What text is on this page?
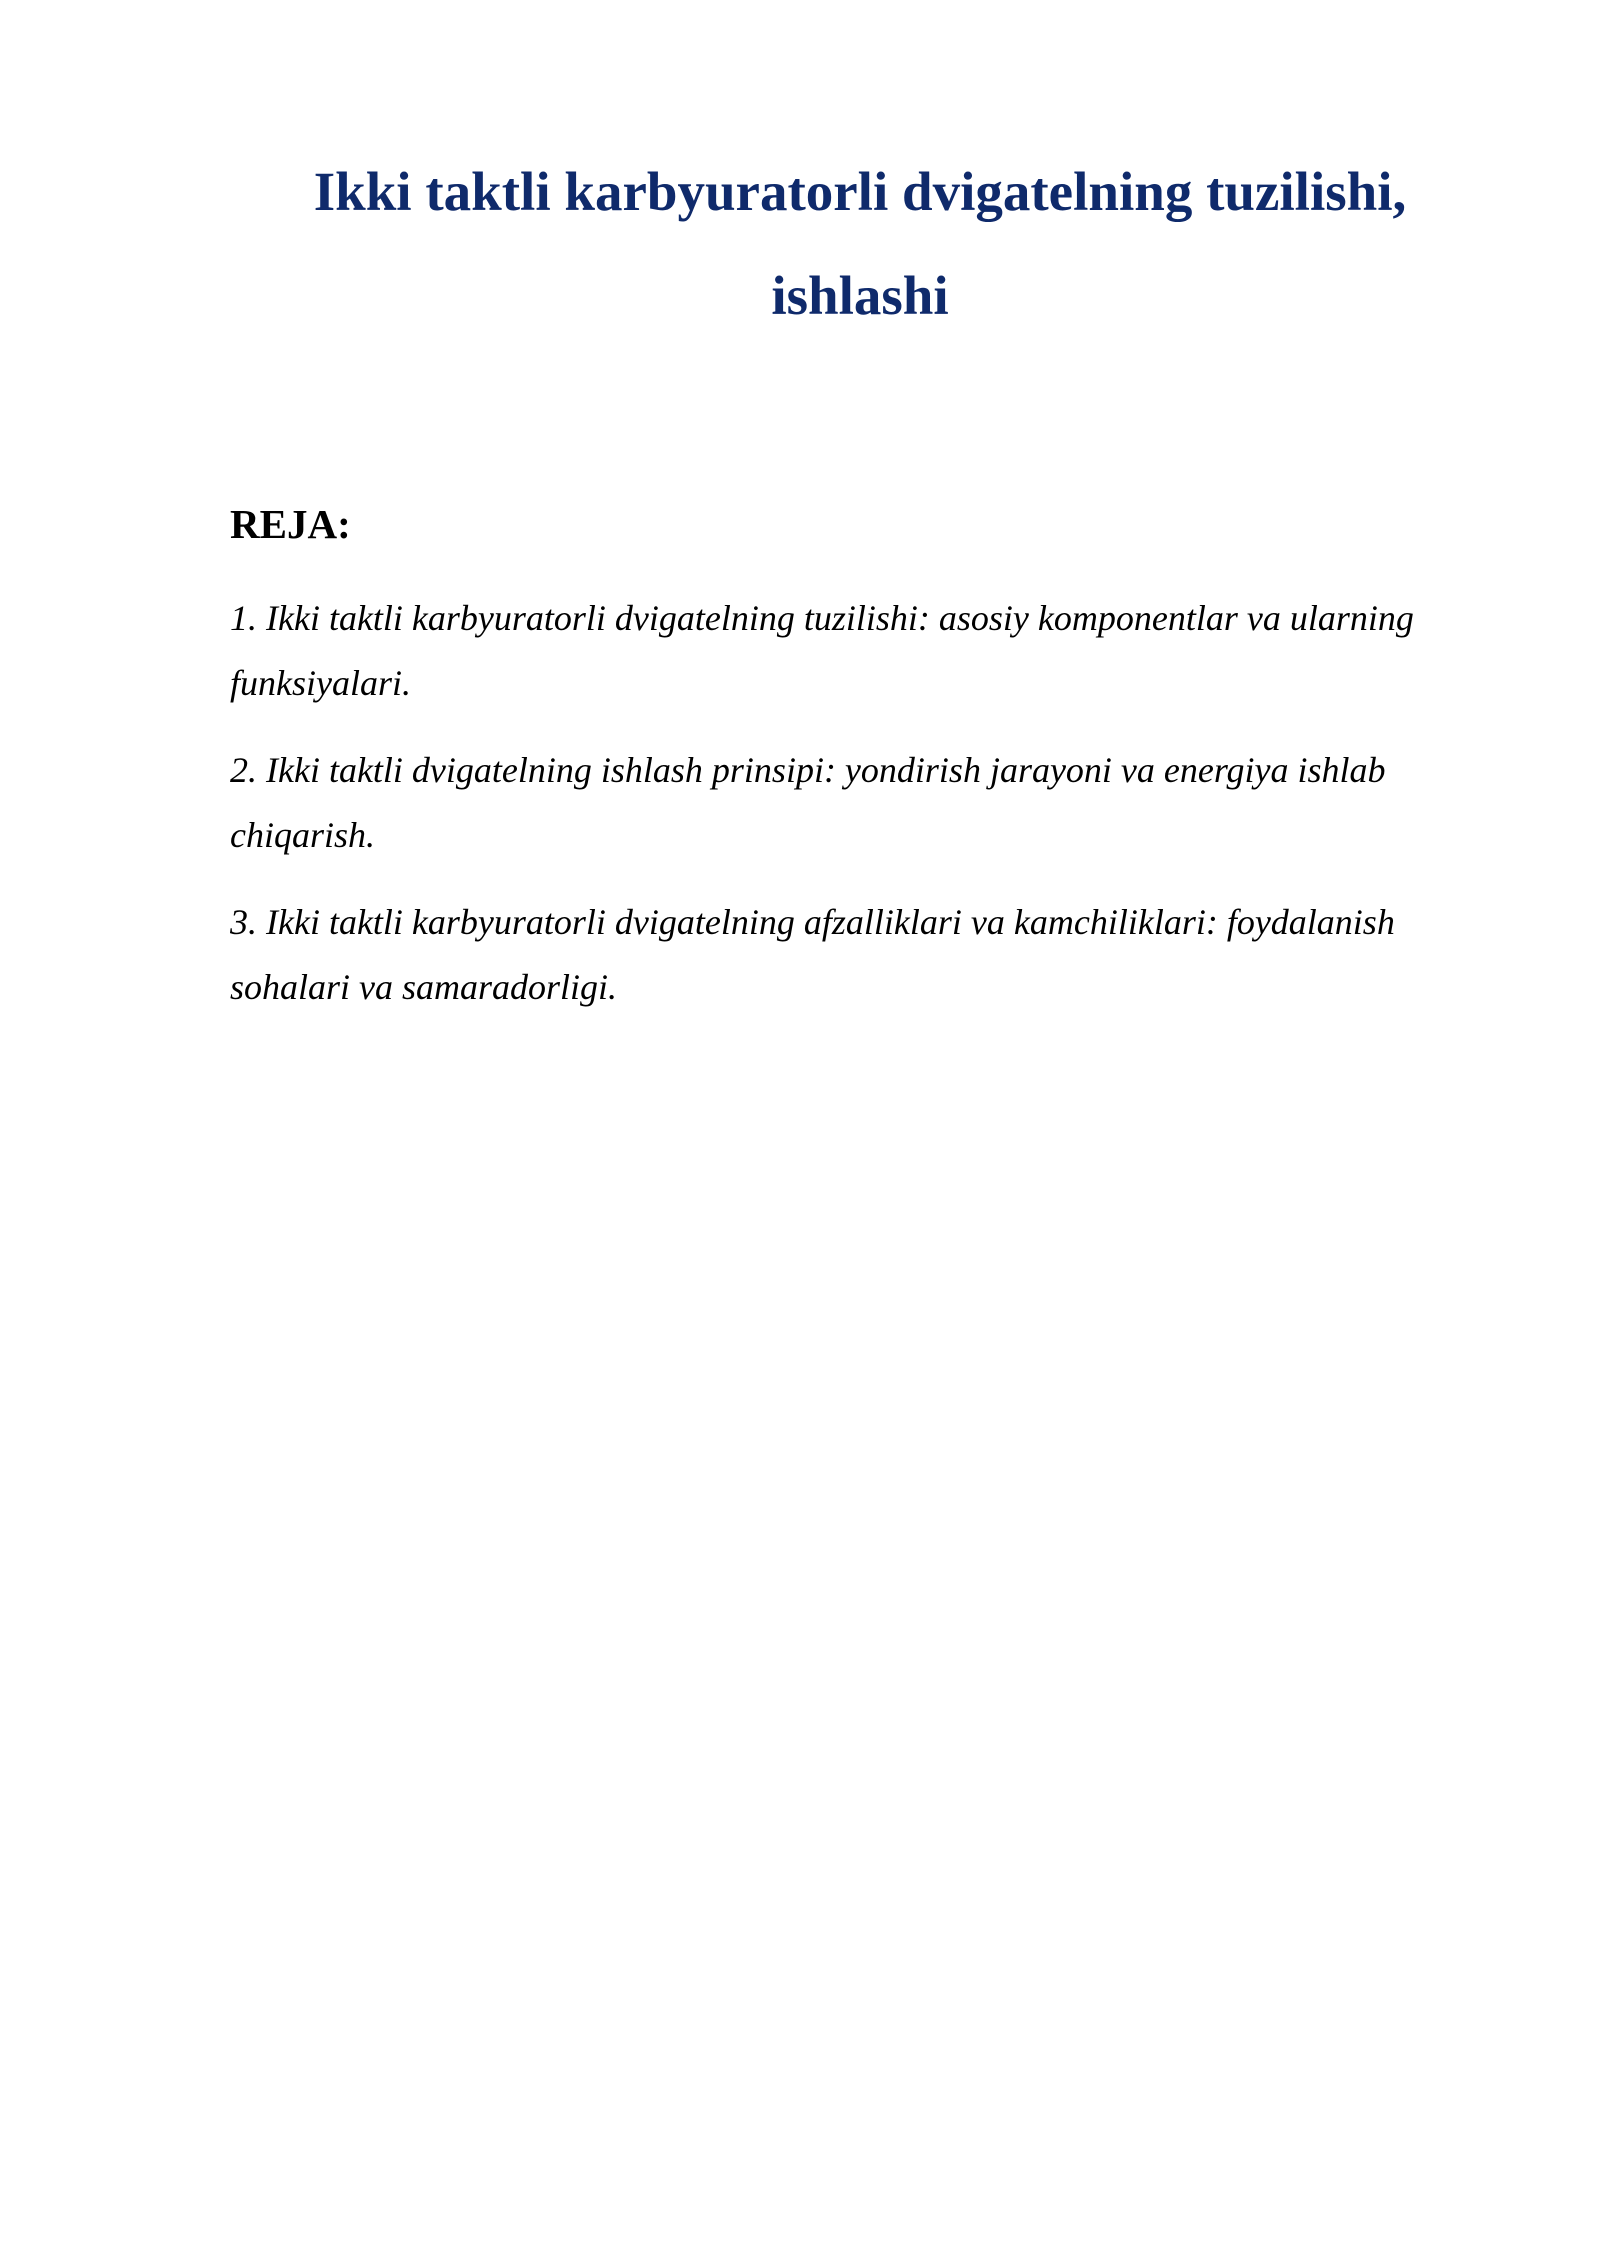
Ikki taktli karbyuratorli dvigatelning tuzilishi, ishlashi
REJA:
1. Ikki taktli karbyuratorli dvigatelning tuzilishi: asosiy komponentlar va ularning funksiyalari.
2. Ikki taktli dvigatelning ishlash prinsipi: yondirish jarayoni va energiya ishlab chiqarish.
3. Ikki taktli karbyuratorli dvigatelning afzalliklari va kamchiliklari: foydalanish sohalari va samaradorligi.
